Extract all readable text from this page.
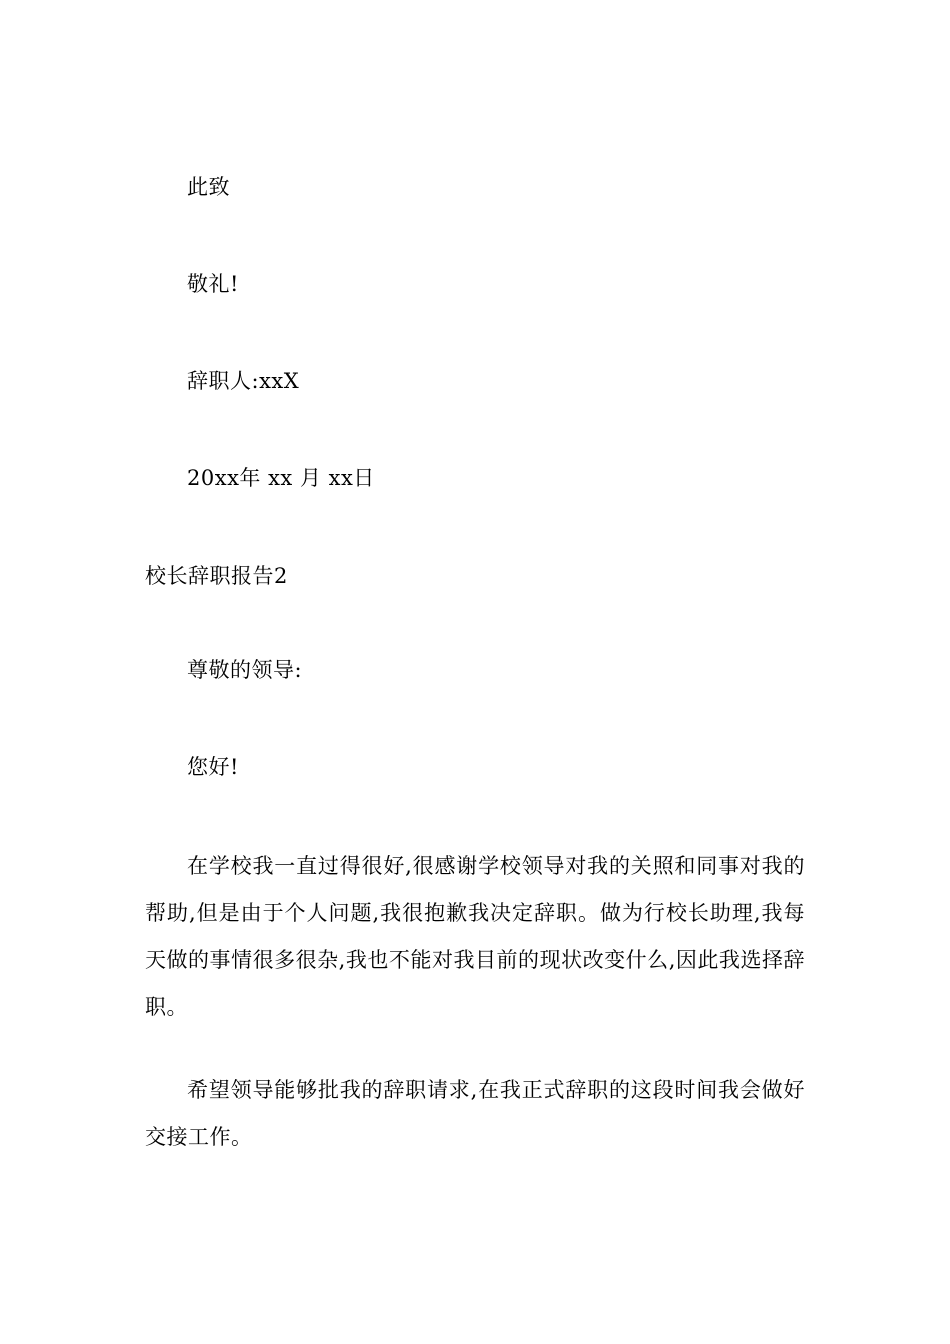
此致
敬礼!
辞职人:xxX
20xx年 xx 月 xx日
校长辞职报告2
尊敬的领导:
您好!
在学校我一直过得很好,很感谢学校领导对我的关照和同事对我的帮助,但是由于个人问题,我很抱歉我决定辞职。做为行校长助理,我每天做的事情很多很杂,我也不能对我目前的现状改变什么,因此我选择辞职。
希望领导能够批我的辞职请求,在我正式辞职的这段时间我会做好交接工作。
